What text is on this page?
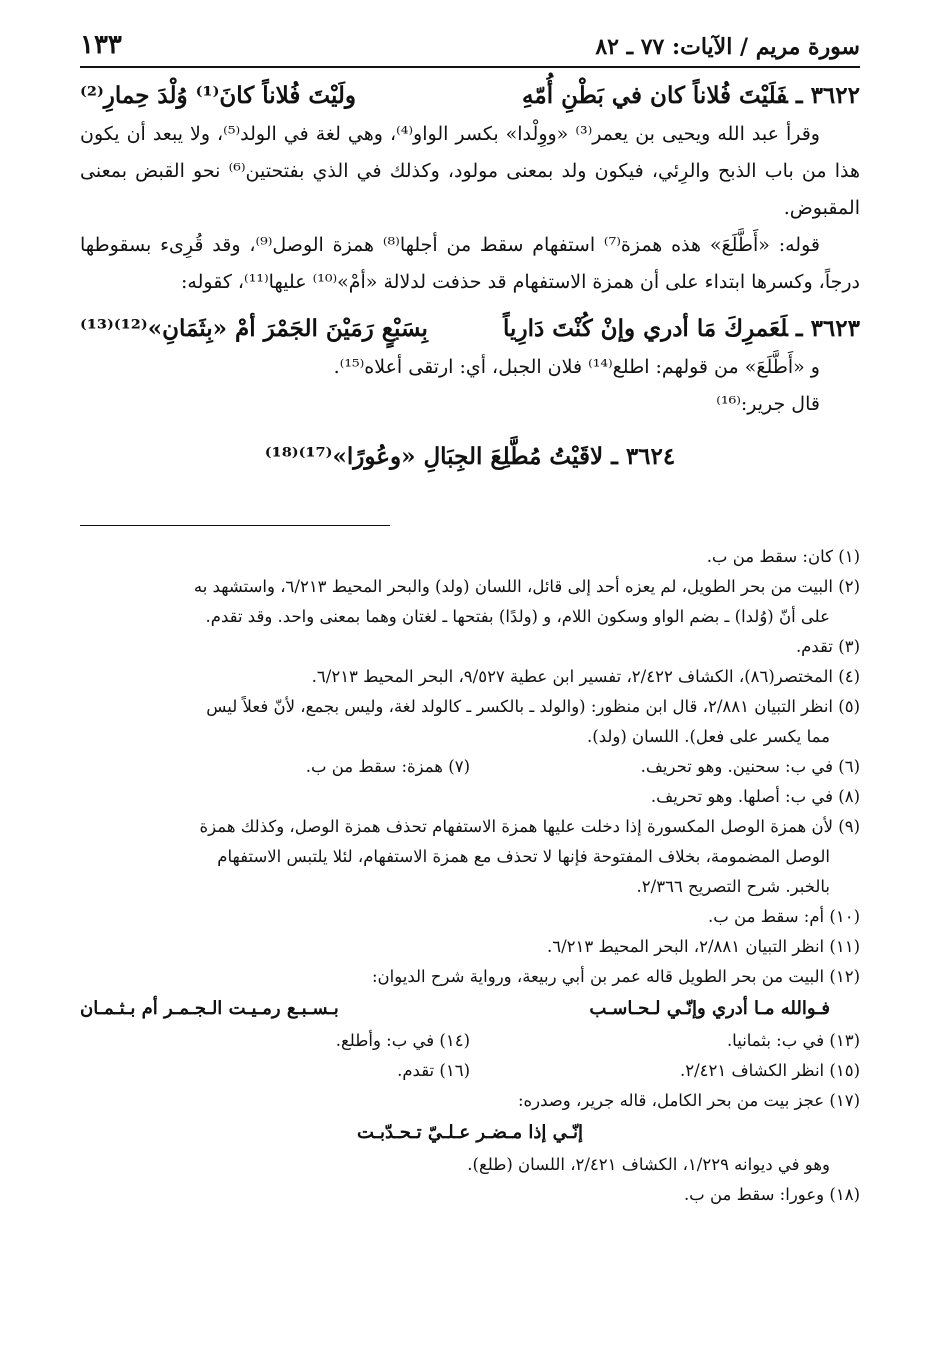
سورة مريم / الآيات: ٧٧ ـ ٨٢
١٣٣
٣٦٢٢ ـفَلَيْتَ فُلاناً كان في بَطْنِ أُمّهِ
ولَيْتَ فُلاناً كانَ⁽¹⁾ وُلْدَ حِمارِ⁽²⁾

وقرأ عبد الله ويحيى بن يعمر⁽³⁾ «ووِلْدا» بكسر الواو⁽⁴⁾، وهي لغة في الولد⁽⁵⁾، ولا يبعد أن يكون هذا من باب الذبح والرِئي، فيكون ولد بمعنى مولود، وكذلك في الذي بفتحتين⁽⁶⁾ نحو القبض بمعنى المقبوض.

قوله: «أَطَّلَعَ» هذه همزة⁽⁷⁾ استفهام سقط من أجلها⁽⁸⁾ همزة الوصل⁽⁹⁾، وقد قُرِىء بسقوطها درجاً، وكسرها ابتداء على أن همزة الاستفهام قد حذفت لدلالة «أمْ»⁽¹⁰⁾ عليها⁽¹¹⁾، كقوله:

٣٦٢٣ ـلَعَمرِكَ مَا أدري وإنْ كُنْتَ دَارِياً
بِسَبْعٍ رَمَيْنَ الجَمْرَ أمْ «بِثَمَانِ»⁽¹²⁾⁽¹³⁾

و «أَطَّلَعَ» من قولهم: اطلع⁽¹⁴⁾ فلان الجبل، أي: ارتقى أعلاه⁽¹⁵⁾.

قال جرير:⁽¹⁶⁾

٣٦٢٤ ـ
لاقَيْتُ مُطَّلِعَ الجِبَالِ «وعُورًا»⁽¹⁷⁾⁽¹⁸⁾

(١) كان: سقط من ب.

(٢) البيت من بحر الطويل، لم يعزه أحد إلى قائل، اللسان (ولد) والبحر المحيط ٦/٢١٣، واستشهد به
على أنّ (وُلدا) ـ بضم الواو وسكون اللام، و (ولدًا) بفتحها ـ لغتان وهما بمعنى واحد. وقد تقدم.

(٣) تقدم.

(٤) المختصر(٨٦)، الكشاف ٢/٤٢٢، تفسير ابن عطية ٩/٥٢٧، البحر المحيط ٦/٢١٣.

(٥) انظر التبيان ٢/٨٨١، قال ابن منظور: (والولد ـ بالكسر ـ كالولد لغة، وليس بجمع، لأنّ فعلاً ليس
مما يكسر على فعل). اللسان (ولد).

(٦) في ب: سحنين. وهو تحريف.
(٧) همزة: سقط من ب.

(٨) في ب: أصلها. وهو تحريف.

(٩) لأن همزة الوصل المكسورة إذا دخلت عليها همزة الاستفهام تحذف همزة الوصل، وكذلك همزة
الوصل المضمومة، بخلاف المفتوحة فإنها لا تحذف مع همزة الاستفهام، لئلا يلتبس الاستفهام
بالخبر. شرح التصريح ٢/٣٦٦.

(١٠) أم: سقط من ب.

(١١) انظر التبيان ٢/٨٨١، البحر المحيط ٦/٢١٣.

(١٢) البيت من بحر الطويل قاله عمر بن أبي ربيعة، ورواية شرح الديوان:

فـوالله مـا أدري وإنّـي لـحـاسـب
بـسـبـع رمـيـت الـجـمـر أم بـثـمـان
(١٣) في ب: بثمانيا.
(١٤) في ب: وأطلع.
(١٥) انظر الكشاف ٢/٤٢١.
(١٦) تقدم.

(١٧) عجز بيت من بحر الكامل، قاله جرير، وصدره:

إنّـي إذا مـضـر عـلـيّ تـحـدّبـت

وهو في ديوانه ١/٢٢٩، الكشاف ٢/٤٢١، اللسان (طلع).

(١٨) وعورا: سقط من ب.
